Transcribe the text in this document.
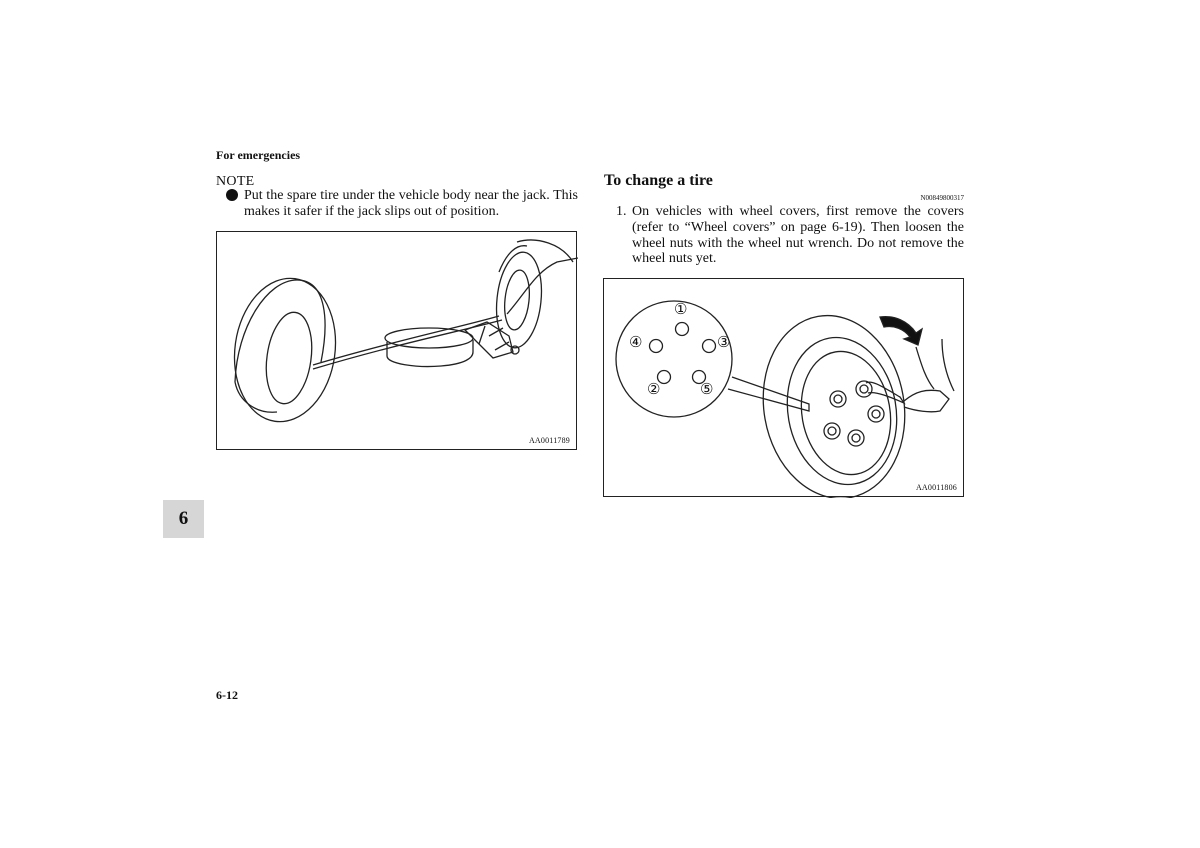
For emergencies
NOTE
Put the spare tire under the vehicle body near the jack. This makes it safer if the jack slips out of position.
AA0011789
To change a tire
N00849800317
1. On vehicles with wheel covers, first remove the covers (refer to “Wheel covers” on page 6-19). Then loosen the wheel nuts with the wheel nut wrench. Do not remove the wheel nuts yet.
①
②
③
④
⑤
AA0011806
6
6-12
